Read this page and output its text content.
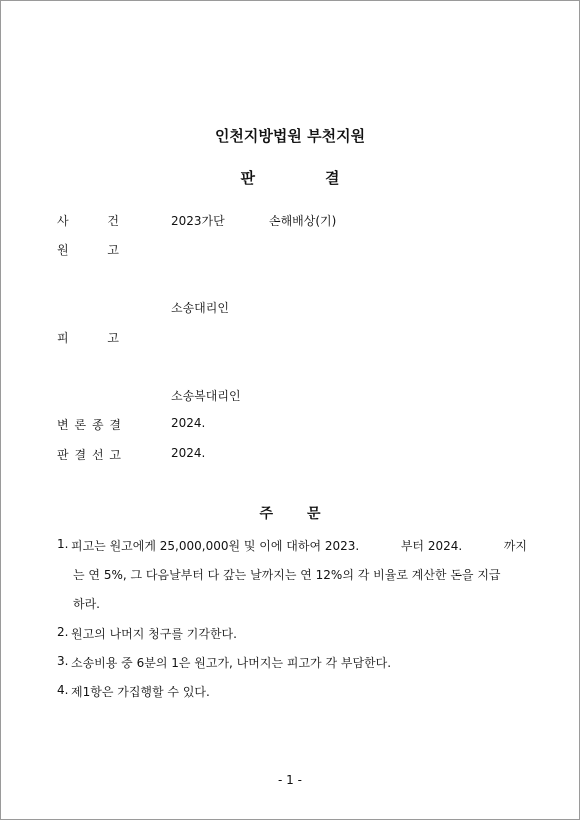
인천지방법원 부천지원
판	결
사	건	2023가단	손해배상(기)
원	고
소송대리인
피	고
소송복대리인
변 론 종 결	2024.
판 결 선 고	2024.
주 문
1. 피고는 원고에게 25,000,000원 및 이에 대하여 2023.	부터 2024.	까지
는 연 5%, 그 다음날부터 다 갚는 날까지는 연 12%의 각 비율로 계산한 돈을 지급
하라.
2. 원고의 나머지 청구를 기각한다.
3. 소송비용 중 6분의 1은 원고가, 나머지는 피고가 각 부담한다.
4. 제1항은 가집행할 수 있다.
- 1 -
